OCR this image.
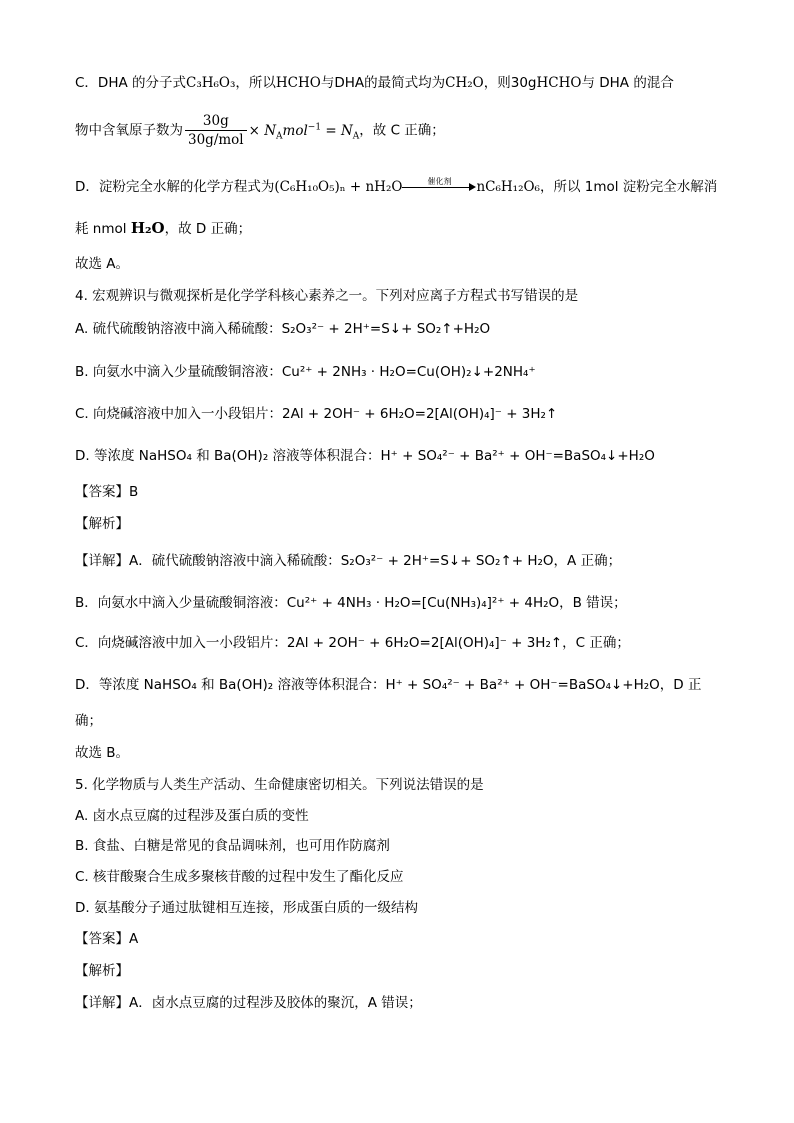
C．DHA 的分子式C₃H₆O₃，所以HCHO与DHA的最简式均为CH₂O，则30gHCHO与 DHA 的混合
物中含氧原子数为 $\frac{30g}{\text{30g/mol}} \times N_Amol^{-1} = N_A$，故 C 正确；
D．淀粉完全水解的化学方程式为(C₆H₁₀O₅)ₙ + nH₂O	催化剂	nC₆H₁₂O₆，所以 1mol 淀粉完全水解消
耗 nmol H₂O，故 D 正确；
故选 A。
4. 宏观辨识与微观探析是化学学科核心素养之一。下列对应离子方程式书写错误的是
A. 硫代硫酸钠溶液中滴入稀硫酸：S₂O₃²⁻ + 2H⁺=S↓+ SO₂↑+H₂O
B. 向氨水中滴入少量硫酸铜溶液：Cu²⁺ + 2NH₃ · H₂O=Cu(OH)₂↓+2NH₄⁺
C. 向烧碱溶液中加入一小段铝片：2Al + 2OH⁻ + 6H₂O=2[Al(OH)₄]⁻ + 3H₂↑
D. 等浓度 NaHSO₄ 和 Ba(OH)₂ 溶液等体积混合：H⁺ + SO₄²⁻ + Ba²⁺ + OH⁻=BaSO₄↓+H₂O
【答案】B
【解析】
【详解】A．硫代硫酸钠溶液中滴入稀硫酸：S₂O₃²⁻ + 2H⁺=S↓+ SO₂↑+ H₂O，A 正确；
B．向氨水中滴入少量硫酸铜溶液：Cu²⁺ + 4NH₃ · H₂O=[Cu(NH₃)₄]²⁺ + 4H₂O，B 错误；
C．向烧碱溶液中加入一小段铝片：2Al + 2OH⁻ + 6H₂O=2[Al(OH)₄]⁻ + 3H₂↑，C 正确；
D．等浓度 NaHSO₄ 和 Ba(OH)₂ 溶液等体积混合：H⁺ + SO₄²⁻ + Ba²⁺ + OH⁻=BaSO₄↓+H₂O，D 正
确；
故选 B。
5. 化学物质与人类生产活动、生命健康密切相关。下列说法错误的是
A. 卤水点豆腐的过程涉及蛋白质的变性
B. 食盐、白糖是常见的食品调味剂，也可用作防腐剂
C. 核苷酸聚合生成多聚核苷酸的过程中发生了酯化反应
D. 氨基酸分子通过肽键相互连接，形成蛋白质的一级结构
【答案】A
【解析】
【详解】A．卤水点豆腐的过程涉及胶体的聚沉，A 错误；
